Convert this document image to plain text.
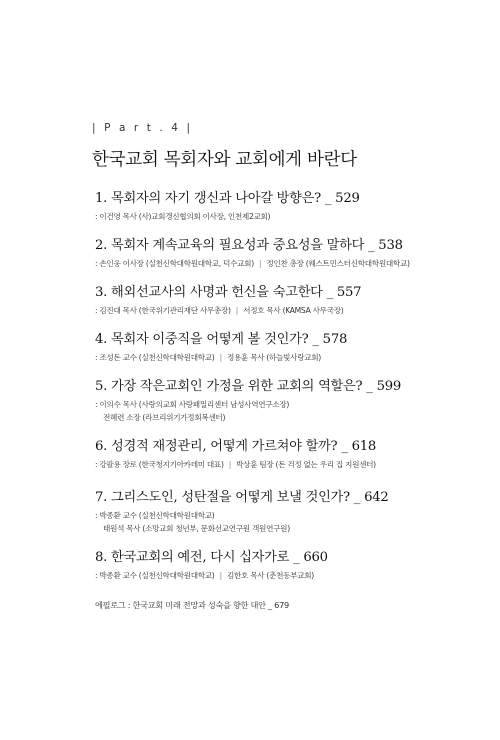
| P a r t . 4 |
한국교회 목회자와 교회에게 바란다
1. 목회자의 자기 갱신과 나아갈 방향은? _ 529
: 이건영 목사 (사)교회갱신협의회 이사장, 인천제2교회)
2. 목회자 계속교육의 필요성과 중요성을 말하다 _ 538
: 손인웅 이사장 (실천신학대학원대학교, 덕수교회) | 정인찬 총장 (웨스트민스터신학대학원대학교)
3. 해외선교사의 사명과 헌신을 숙고한다 _ 557
: 김진대 목사 (한국위기관리재단 사무총장) | 서정호 목사 (KAMSA 사무국장)
4. 목회자 이중직을 어떻게 볼 것인가? _ 578
: 조성돈 교수 (실천신학대학원대학교) | 정용훈 목사 (하늘빛사랑교회)
5. 가장 작은교회인 가정을 위한 교회의 역할은? _ 599
: 이의수 목사 (사랑의교회 사랑패밀리센터 남성사역연구소장)
전혜련 소장 (라브리위기가정회복센터)
6. 성경적 재정관리, 어떻게 가르쳐야 할까? _ 618
: 강팔용 장로 (한국청지기아카데미 대표) | 박상훈 팀장 (돈 걱정 없는 우리 집 지원센터)
7. 그리스도인, 성탄절을 어떻게 보낼 것인가? _ 642
: 박종환 교수 (실천신학대학원대학교)
태원석 목사 (소망교회 청년부, 문화선교연구원 객원연구원)
8. 한국교회의 예전, 다시 십자가로 _ 660
: 박종환 교수 (실천신학대학원대학교) | 김한호 목사 (춘천동부교회)
에필로그 : 한국교회 미래 전망과 성숙을 향한 대안 _ 679
